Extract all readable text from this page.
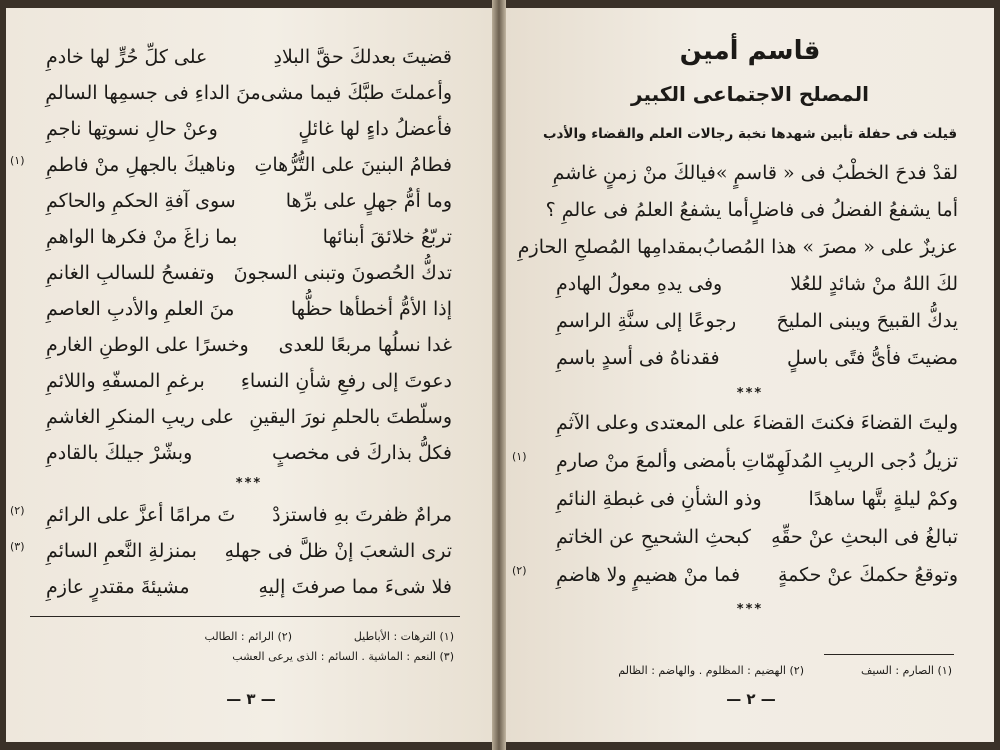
قضيتَ بعدلكَ حقَّ البلادِ
على كلِّ حُرٍّ لها خادمِ
وأعملتَ طبَّكَ فيما مشى
منَ الداءِ فى جسمِها السالمِ
فأعضلُ داءٍ لها غائلٍ
وعنْ حالِ نسوتِها ناجمِ
فطامُ البنينَ على التُّرُّهاتِ
وناهيكَ بالجهلِ منْ فاطمِ
(١)
وما أمُّ جهلٍ على برِّها
سوى آفةِ الحكمِ والحاكمِ
تربّعُ خلائقَ أبنائها
بما زاغَ منْ فكرها الواهمِ
تدكُّ الحُصونَ وتبنى السجونَ
وتفسحُ للسالبِ الغانمِ
إذا الأمُّ أخطأها حظُّها
منَ العلمِ والأدبِ العاصمِ
غدا نسلُها مربعًا للعدى
وخسرًا على الوطنِ الغارمِ
دعوتَ إلى رفعِ شأنِ النساءِ
برغمِ المسفّهِ واللائمِ
وسلّطتَ بالحلمِ نورَ اليقينِ
على ريبِ المنكرِ الغاشمِ
فكلُّ بذاركَ فى مخصبٍ
وبشّرْ جيلكَ بالقادمِ
***
مرامٌ ظفرتَ بهِ فاستزدْ
تَ مرامًا أعزَّ على الرائمِ
(٢)
ترى الشعبَ إنْ ظلَّ فى جهلهِ
بمنزلةِ النَّعمِ السائمِ
(٣)
فلا شىءَ مما صرفتَ إليهِ
مشيئةَ مقتدرٍ عازمِ
(١) الترهات : الأباطيل
(٢) الرائم : الطالب
(٣) النعم : الماشية . السائم : الذى يرعى العشب
— ٣ —
قاسم أمين
المصلح الاجتماعى الكبير
قيلت فى حفلة تأبين شهدها نخبة رجالات العلم والقضاء والأدب
لقدْ فدحَ الخطْبُ فى « قاسمٍ »
فيالكَ منْ زمنٍ غاشمِ
أما يشفعُ الفضلُ فى فاضلٍ
أما يشفعُ العلمُ فى عالمِ ؟
عزيزٌ على « مصرَ » هذا المُصابُ
بمقدامِها المُصلحِ الحازمِ
لكَ اللهُ منْ شائدٍ للعُلا
وفى يدهِ معولُ الهادمِ
يدكُّ القبيحَ ويبنى المليحَ
رجوعًا إلى سنَّةِ الراسمِ
مضيتَ فأىُّ فتًى باسلٍ
فقدناهُ فى أسدٍ باسمِ
***
وليتَ القضاءَ فكنتَ القضاءَ
على المعتدى وعلى الآثمِ
تزيلُ دُجى الريبِ المُدلَهِمّاتِ
بأمضى وألمعَ منْ صارمِ
(١)
وكمْ ليلةٍ بتَّها ساهدًا
وذو الشأنِ فى غبطةِ النائمِ
تبالغُ فى البحثِ عنْ حقِّهِ
كبحثِ الشحيحِ عن الخاتمِ
وتوقعُ حكمكَ عنْ حكمةٍ
فما منْ هضيمٍ ولا هاضمِ
(٢)
***
(١) الصارم : السيف
(٢) الهضيم : المظلوم . والهاضم : الظالم
— ٢ —
